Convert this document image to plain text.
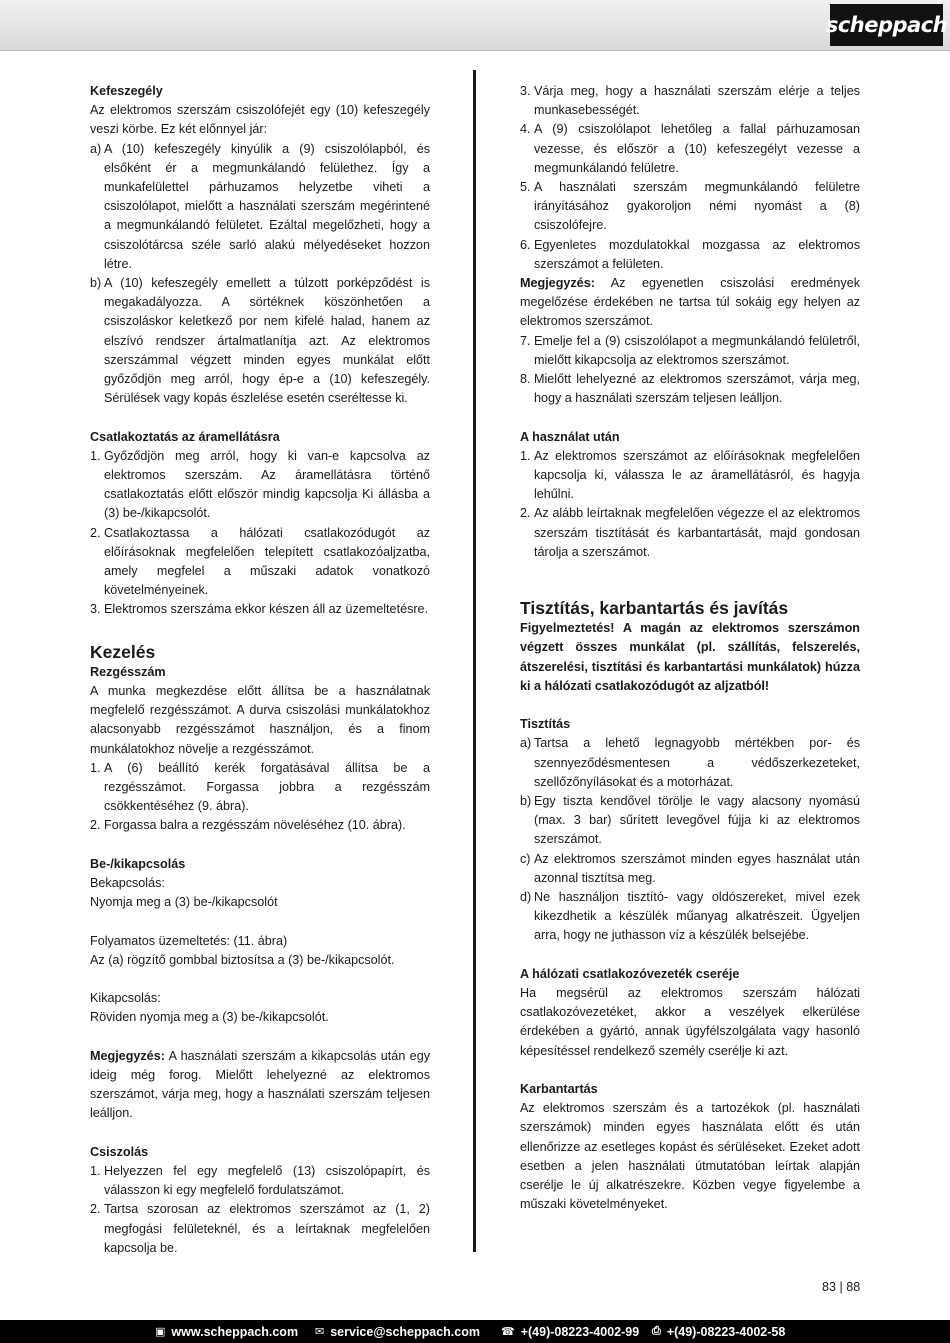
scheppach

Kefeszegély

Az elektromos szerszám csiszolófejét egy (10) kefeszegély veszi körbe. Ez két előnnyel jár:

a) A (10) kefeszegély kinyúlik a (9) csiszolólapból, és elsőként ér a megmunkálandó felülethez. Így a munkafelülettel párhuzamos helyzetbe viheti a csiszolólapot, mielőtt a használati szerszám megérintené a megmunkálandó felületet. Ezáltal megelőzheti, hogy a csiszolótárcsa széle sarló alakú mélyedéseket hozzon létre.
b) A (10) kefeszegély emellett a túlzott porképződést is megakadályozza. A sörtéknek köszönhetően a csiszoláskor keletkező por nem kifelé halad, hanem az elszívó rendszer ártalmatlanítja azt. Az elektromos szerszámmal végzett minden egyes munkálat előtt győződjön meg arról, hogy ép-e a (10) kefeszegély. Sérülések vagy kopás észlelése esetén cseréltesse ki.

Csatlakoztatás az áramellátásra

1. Győződjön meg arról, hogy ki van-e kapcsolva az elektromos szerszám. Az áramellátásra történő csatlakoztatás előtt először mindig kapcsolja Ki állásba a (3) be-/kikapcsolót.
2. Csatlakoztassa a hálózati csatlakozódugót az előírásoknak megfelelően telepített csatlakozóaljzatba, amely megfelel a műszaki adatok vonatkozó követelményeinek.
3. Elektromos szerszáma ekkor készen áll az üzemeltetésre.

Kezelés

Rezgésszám

A munka megkezdése előtt állítsa be a használatnak megfelelő rezgésszámot. A durva csiszolási munkálatokhoz alacsonyabb rezgésszámot használjon, és a finom munkálatokhoz növelje a rezgésszámot.

1. A (6) beállító kerék forgatásával állítsa be a rezgésszámot. Forgassa jobbra a rezgésszám csökkentéséhez (9. ábra).
2. Forgassa balra a rezgésszám növeléséhez (10. ábra).

Be-/kikapcsolás

Bekapcsolás:

Nyomja meg a (3) be-/kikapcsolót

Folyamatos üzemeltetés: (11. ábra)

Az (a) rögzítő gombbal biztosítsa a (3) be-/kikapcsolót.

Kikapcsolás:

Röviden nyomja meg a (3) be-/kikapcsolót.

Megjegyzés: A használati szerszám a kikapcsolás után egy ideig még forog. Mielőtt lehelyezné az elektromos szerszámot, várja meg, hogy a használati szerszám teljesen leálljon.

Csiszolás

1. Helyezzen fel egy megfelelő (13) csiszolópapírt, és válasszon ki egy megfelelő fordulatszámot.
2. Tartsa szorosan az elektromos szerszámot az (1, 2) megfogási felületeknél, és a leírtaknak megfelelően kapcsolja be.
3. Várja meg, hogy a használati szerszám elérje a teljes munkasebességét.
4. A (9) csiszolólapot lehetőleg a fallal párhuzamosan vezesse, és először a (10) kefeszegélyt vezesse a megmunkálandó felületre.
5. A használati szerszám megmunkálandó felületre irányításához gyakoroljon némi nyomást a (8) csiszolófejre.
6. Egyenletes mozdulatokkal mozgassa az elektromos szerszámot a felületen.

Megjegyzés: Az egyenetlen csiszolási eredmények megelőzése érdekében ne tartsa túl sokáig egy helyen az elektromos szerszámot.

7. Emelje fel a (9) csiszolólapot a megmunkálandó felületről, mielőtt kikapcsolja az elektromos szerszámot.
8. Mielőtt lehelyezné az elektromos szerszámot, várja meg, hogy a használati szerszám teljesen leálljon.

A használat után

1. Az elektromos szerszámot az előírásoknak megfelelően kapcsolja ki, válassza le az áramellátásról, és hagyja lehűlni.
2. Az alább leírtaknak megfelelően végezze el az elektromos szerszám tisztítását és karbantartását, majd gondosan tárolja a szerszámot.

Tisztítás, karbantartás és javítás

Figyelmeztetés! A magán az elektromos szerszámon végzett összes munkálat (pl. szállítás, felszerelés, átszerelési, tisztítási és karbantartási munkálatok) húzza ki a hálózati csatlakozódugót az aljzatból!

Tisztítás

a) Tartsa a lehető legnagyobb mértékben por- és szennyeződésmentesen a védőszerkezeteket, szellőzőnyílásokat és a motorházat.
b) Egy tiszta kendővel törölje le vagy alacsony nyomású (max. 3 bar) sűrített levegővel fújja ki az elektromos szerszámot.
c) Az elektromos szerszámot minden egyes használat után azonnal tisztítsa meg.
d) Ne használjon tisztító- vagy oldószereket, mivel ezek kikezdhetik a készülék műanyag alkatrészeit. Ügyeljen arra, hogy ne juthasson víz a készülék belsejébe.

A hálózati csatlakozóvezeték cseréje

Ha megsérül az elektromos szerszám hálózati csatlakozóvezetéket, akkor a veszélyek elkerülése érdekében a gyártó, annak ügyfélszolgálata vagy hasonló képesítéssel rendelkező személy cserélje ki azt.

Karbantartás

Az elektromos szerszám és a tartozékok (pl. használati szerszámok) minden egyes használata előtt és után ellenőrizze az esetleges kopást és sérüléseket. Ezeket adott esetben a jelen használati útmutatóban leírtak alapján cserélje le új alkatrészekre. Közben vegye figyelembe a műszaki követelményeket.

83 | 88
▣ www.scheppach.com ✉ service@scheppach.com ☎ +(49)-08223-4002-99 ⎙ +(49)-08223-4002-58
